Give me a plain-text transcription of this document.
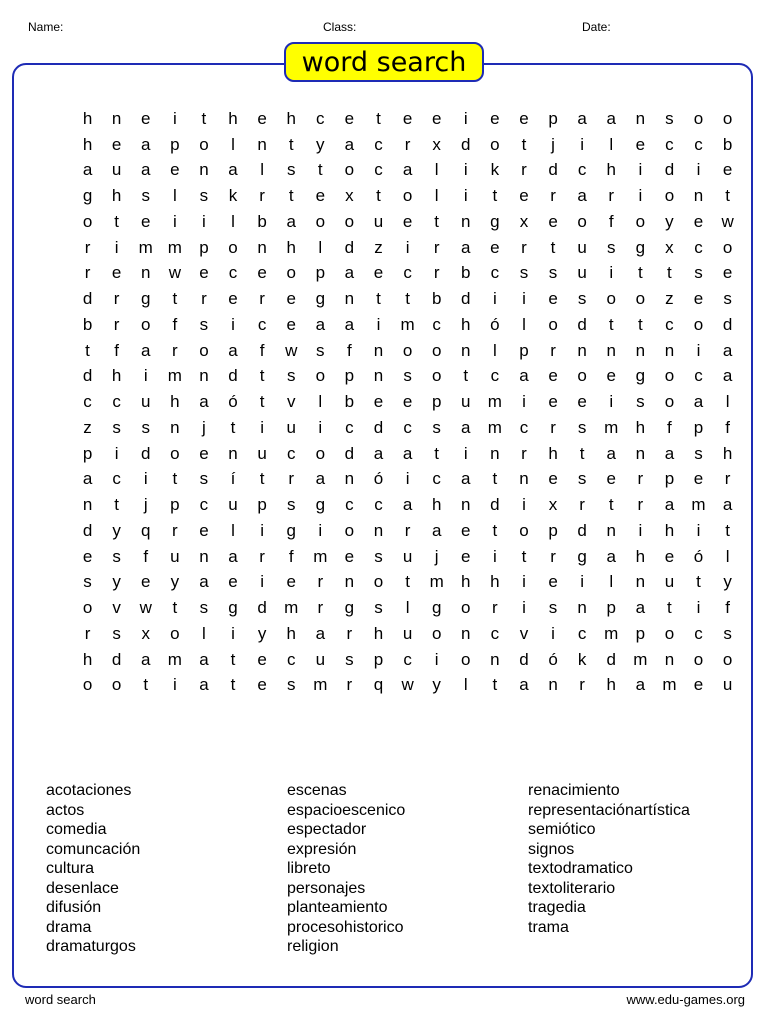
Name:	Class:	Date:
word search
h	n	e	i	t	h	e	h	c	e	t	e	e	i	e	e	p	a	a	n	s	o	o
h	e	a	p	o	l	n	t	y	a	c	r	x	d	o	t	j	i	l	e	c	c	b
a	u	a	e	n	a	l	s	t	o	c	a	l	i	k	r	d	c	h	i	d	i	e
g	h	s	l	s	k	r	t	e	x	t	o	l	i	t	e	r	a	r	i	o	n	t
o	t	e	i	i	l	b	a	o	o	u	e	t	n	g	x	e	o	f	o	y	e	w
r	i	m m	p	o	n	h	l	d	z	i	r	a	e	r	t	u	s	g	x	c	o
r	e	n	w	e	c	e	o	p	a	e	c	r	b	c	s	s	u	i	t	t	s	e
d	r	g	t	r	e	r	e	g	n	t	t	b	d	i	i	e	s	o	o	z	e	s
b	r	o	f	s	i	c	e	a	a	i	m	c	h	ó	l	o	d	t	t	c	o	d
t	f	a	r	o	a	f	w	s	f	n	o	o	n	l	p	r	n	n	n	n	i	a
d	h	i	m	n	d	t	s	o	p	n	s	o	t	c	a	e	o	e	g	o	c	a
c	c	u	h	a	ó	t	v	l	b	e	e	p	u	m	i	e	e	i	s	o	a	l
z	s	s	n	j	t	i	u	i	c	d	c	s	a	m	c	r	s	m	h	f	p	f
p	i	d	o	e	n	u	c	o	d	a	a	t	i	n	r	h	t	a	n	a	s	h
a	c	i	t	s	í	t	r	a	n	ó	i	c	a	t	n	e	s	e	r	p	e	r
n	t	j	p	c	u	p	s	g	c	c	a	h	n	d	i	x	r	t	r	a	m	a
d	y	q	r	e	l	i	g	i	o	n	r	a	e	t	o	p	d	n	i	h	i	t
e	s	f	u	n	a	r	f	m	e	s	u	j	e	i	t	r	g	a	h	e	ó	l
s	y	e	y	a	e	i	e	r	n	o	t	m	h	h	i	e	i	l	n	u	t	y
o	v	w	t	s	g	d	m	r	g	s	l	g	o	r	i	s	n	p	a	t	i	f
r	s	x	o	l	i	y	h	a	r	h	u	o	n	c	v	i	c	m	p	o	c	s
h	d	a	m	a	t	e	c	u	s	p	c	i	o	n	d	ó	k	d	m	n	o	o
o	o	t	i	a	t	e	s	m	r	q	w	y	l	t	a	n	r	h	a	m	e	u
acotaciones
actos
comedia
comuncación
cultura
desenlace
difusión
drama
dramaturgos
escenas
espacioescenico
espectador
expresión
libreto
personajes
planteamiento
procesohistorico
religion
renacimiento
representaciónartística
semiótico
signos
textodramatico
textoliterario
tragedia
trama
word search	www.edu-games.org
